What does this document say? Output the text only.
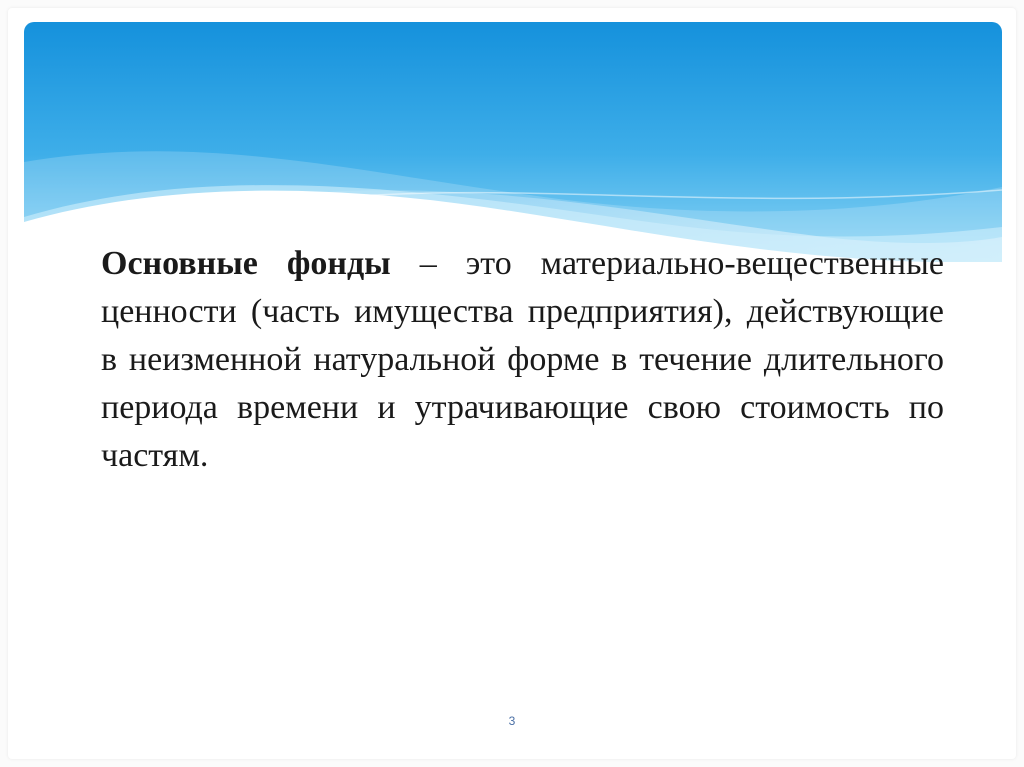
Основные фонды – это материально-вещественные ценности (часть имущества предприятия), действующие в неизменной натуральной форме в течение длительного периода времени и утрачивающие свою стоимость по частям.

3
